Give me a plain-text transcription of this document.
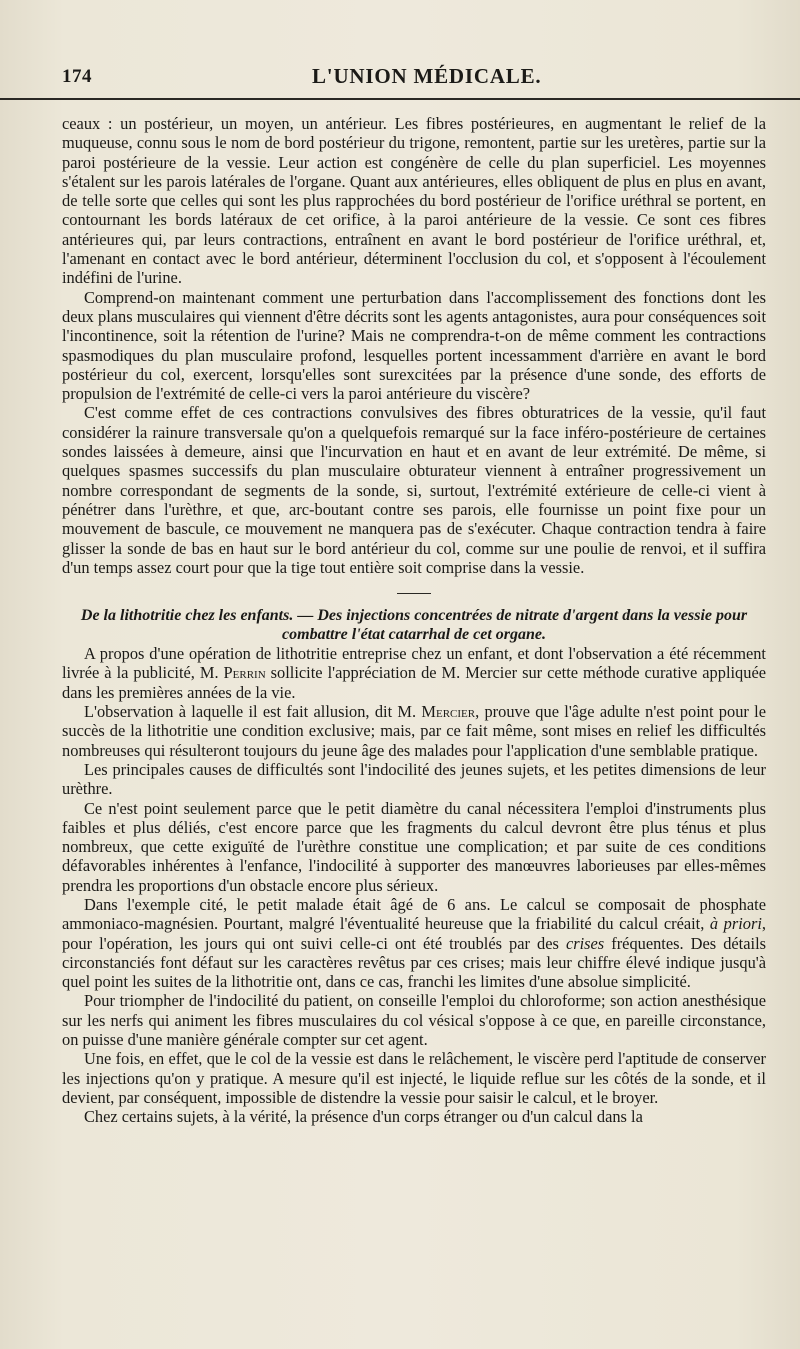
174	L'UNION MÉDICALE.

ceaux : un postérieur, un moyen, un antérieur. Les fibres postérieures, en augmentant le relief de la muqueuse, connu sous le nom de bord postérieur du trigone, remontent, partie sur les uretères, partie sur la paroi postérieure de la vessie. Leur action est congénère de celle du plan superficiel. Les moyennes s'étalent sur les parois latérales de l'organe. Quant aux antérieures, elles obliquent de plus en plus en avant, de telle sorte que celles qui sont les plus rapprochées du bord postérieur de l'orifice uréthral se portent, en contournant les bords latéraux de cet orifice, à la paroi antérieure de la vessie. Ce sont ces fibres antérieures qui, par leurs contractions, entraînent en avant le bord postérieur de l'orifice uréthral, et, l'amenant en contact avec le bord antérieur, déterminent l'occlusion du col, et s'opposent à l'écoulement indéfini de l'urine.

Comprend-on maintenant comment une perturbation dans l'accomplissement des fonctions dont les deux plans musculaires qui viennent d'être décrits sont les agents antagonistes, aura pour conséquences soit l'incontinence, soit la rétention de l'urine? Mais ne comprendra-t-on de même comment les contractions spasmodiques du plan musculaire profond, lesquelles portent incessamment d'arrière en avant le bord postérieur du col, exercent, lorsqu'elles sont surexcitées par la présence d'une sonde, des efforts de propulsion de l'extrémité de celle-ci vers la paroi antérieure du viscère?

C'est comme effet de ces contractions convulsives des fibres obturatrices de la vessie, qu'il faut considérer la rainure transversale qu'on a quelquefois remarqué sur la face inféro-postérieure de certaines sondes laissées à demeure, ainsi que l'incurvation en haut et en avant de leur extrémité. De même, si quelques spasmes successifs du plan musculaire obturateur viennent à entraîner progressivement un nombre correspondant de segments de la sonde, si, surtout, l'extrémité extérieure de celle-ci vient à pénétrer dans l'urèthre, et que, arc-boutant contre ses parois, elle fournisse un point fixe pour un mouvement de bascule, ce mouvement ne manquera pas de s'exécuter. Chaque contraction tendra à faire glisser la sonde de bas en haut sur le bord antérieur du col, comme sur une poulie de renvoi, et il suffira d'un temps assez court pour que la tige tout entière soit comprise dans la vessie.

De la lithotritie chez les enfants. — Des injections concentrées de nitrate d'argent dans la vessie pour combattre l'état catarrhal de cet organe.

A propos d'une opération de lithotritie entreprise chez un enfant, et dont l'observation a été récemment livrée à la publicité, M. Perrin sollicite l'appréciation de M. Mercier sur cette méthode curative appliquée dans les premières années de la vie.

L'observation à laquelle il est fait allusion, dit M. Mercier, prouve que l'âge adulte n'est point pour le succès de la lithotritie une condition exclusive; mais, par ce fait même, sont mises en relief les difficultés nombreuses qui résulteront toujours du jeune âge des malades pour l'application d'une semblable pratique.

Les principales causes de difficultés sont l'indocilité des jeunes sujets, et les petites dimensions de leur urèthre.

Ce n'est point seulement parce que le petit diamètre du canal nécessitera l'emploi d'instruments plus faibles et plus déliés, c'est encore parce que les fragments du calcul devront être plus ténus et plus nombreux, que cette exiguïté de l'urèthre constitue une complication; et par suite de ces conditions défavorables inhérentes à l'enfance, l'indocilité à supporter des manœuvres laborieuses par elles-mêmes prendra les proportions d'un obstacle encore plus sérieux.

Dans l'exemple cité, le petit malade était âgé de 6 ans. Le calcul se composait de phosphate ammoniaco-magnésien. Pourtant, malgré l'éventualité heureuse que la friabilité du calcul créait, à priori, pour l'opération, les jours qui ont suivi celle-ci ont été troublés par des crises fréquentes. Des détails circonstanciés font défaut sur les caractères revêtus par ces crises; mais leur chiffre élevé indique jusqu'à quel point les suites de la lithotritie ont, dans ce cas, franchi les limites d'une absolue simplicité.

Pour triompher de l'indocilité du patient, on conseille l'emploi du chloroforme; son action anesthésique sur les nerfs qui animent les fibres musculaires du col vésical s'oppose à ce que, en pareille circonstance, on puisse d'une manière générale compter sur cet agent.

Une fois, en effet, que le col de la vessie est dans le relâchement, le viscère perd l'aptitude de conserver les injections qu'on y pratique. A mesure qu'il est injecté, le liquide reflue sur les côtés de la sonde, et il devient, par conséquent, impossible de distendre la vessie pour saisir le calcul, et le broyer.

Chez certains sujets, à la vérité, la présence d'un corps étranger ou d'un calcul dans la
